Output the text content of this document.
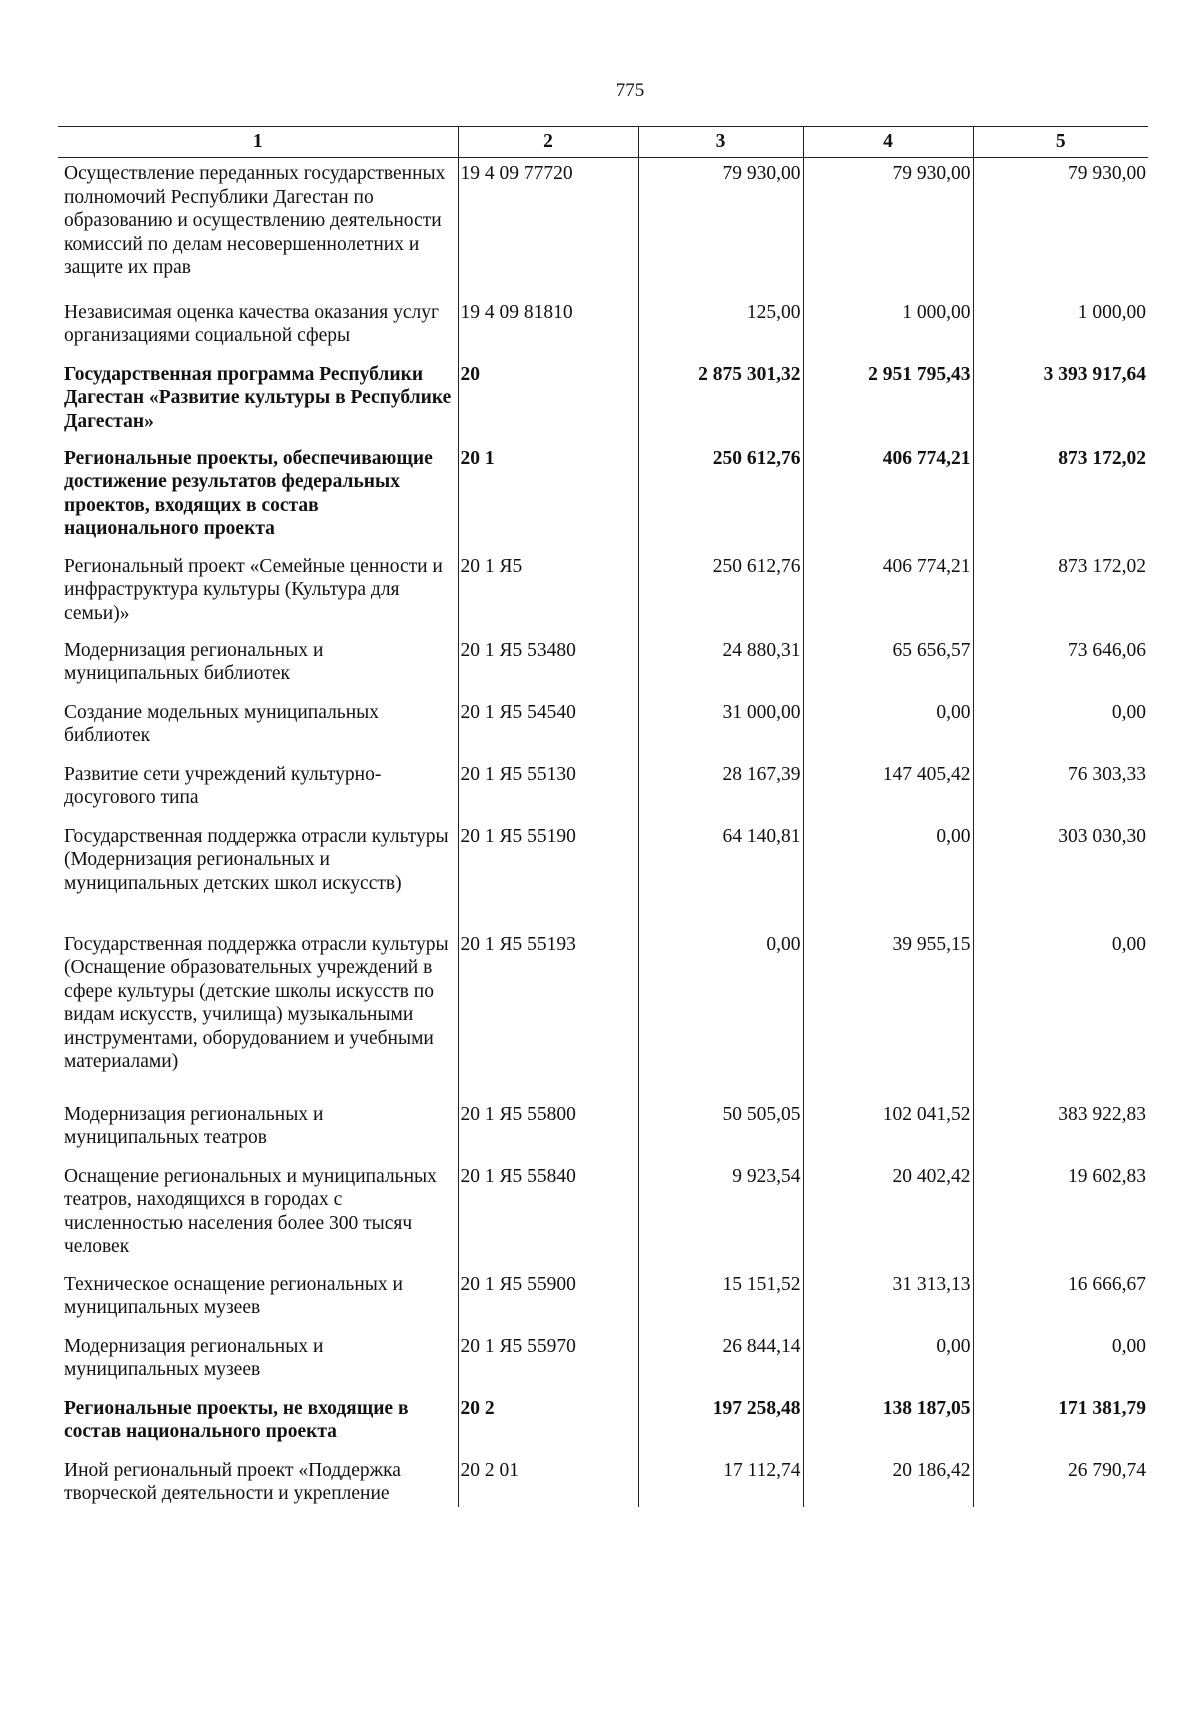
775
1	2	3	4	5
Осуществление переданных государственных полномочий Республики Дагестан по образованию и осуществлению деятельности комиссий по делам несовершеннолетних и защите их прав	19 4 09 77720	79 930,00	79 930,00	79 930,00
Независимая оценка качества оказания услуг организациями социальной сферы	19 4 09 81810	125,00	1 000,00	1 000,00
Государственная программа Республики Дагестан «Развитие культуры в Республике Дагестан»	20	2 875 301,32	2 951 795,43	3 393 917,64
Региональные проекты, обеспечивающие достижение результатов федеральных проектов, входящих в состав национального проекта	20 1	250 612,76	406 774,21	873 172,02
Региональный проект «Семейные ценности и инфраструктура культуры (Культура для семьи)»	20 1 Я5	250 612,76	406 774,21	873 172,02
Модернизация региональных и муниципальных библиотек	20 1 Я5 53480	24 880,31	65 656,57	73 646,06
Создание модельных муниципальных библиотек	20 1 Я5 54540	31 000,00	0,00	0,00
Развитие сети учреждений культурно-досугового типа	20 1 Я5 55130	28 167,39	147 405,42	76 303,33
Государственная поддержка отрасли культуры (Модернизация региональных и муниципальных детских школ искусств)	20 1 Я5 55190	64 140,81	0,00	303 030,30
Государственная поддержка отрасли культуры (Оснащение образовательных учреждений в сфере культуры (детские школы искусств по видам искусств, училища) музыкальными инструментами, оборудованием и учебными материалами)	20 1 Я5 55193	0,00	39 955,15	0,00
Модернизация региональных и муниципальных театров	20 1 Я5 55800	50 505,05	102 041,52	383 922,83
Оснащение региональных и муниципальных театров, находящихся в городах с численностью населения более 300 тысяч человек	20 1 Я5 55840	9 923,54	20 402,42	19 602,83
Техническое оснащение региональных и муниципальных музеев	20 1 Я5 55900	15 151,52	31 313,13	16 666,67
Модернизация региональных и муниципальных музеев	20 1 Я5 55970	26 844,14	0,00	0,00
Региональные проекты, не входящие в состав национального проекта	20 2	197 258,48	138 187,05	171 381,79
Иной региональный проект «Поддержка творческой деятельности и укрепление	20 2 01	17 112,74	20 186,42	26 790,74
